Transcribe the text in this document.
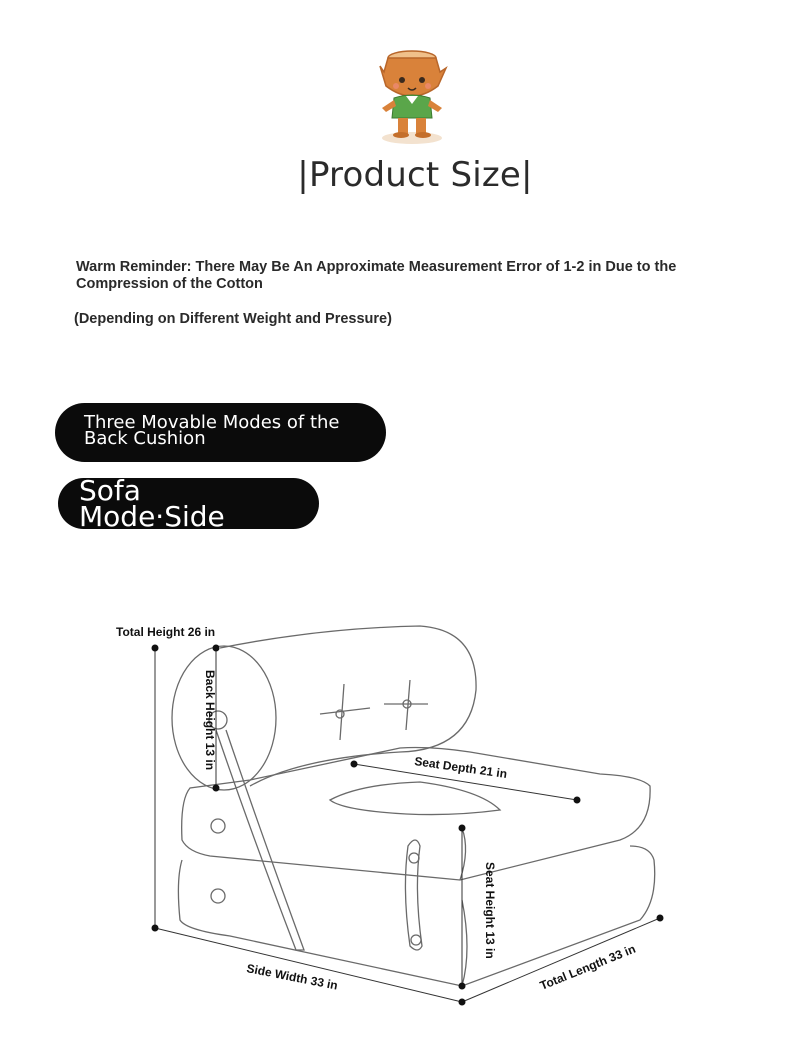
|Product Size|
Warm Reminder: There May Be An Approximate Measurement Error of 1-2 in Due to the Compression of the Cotton
(Depending on Different Weight and Pressure)
Three Movable Modes of the Back Cushion
Sofa Mode·Side
Total Height 26 in
Back Height 13 in	Seat Depth 21 in
Seat Height 13 in
Side Width 33 in	Total Length 33 in
